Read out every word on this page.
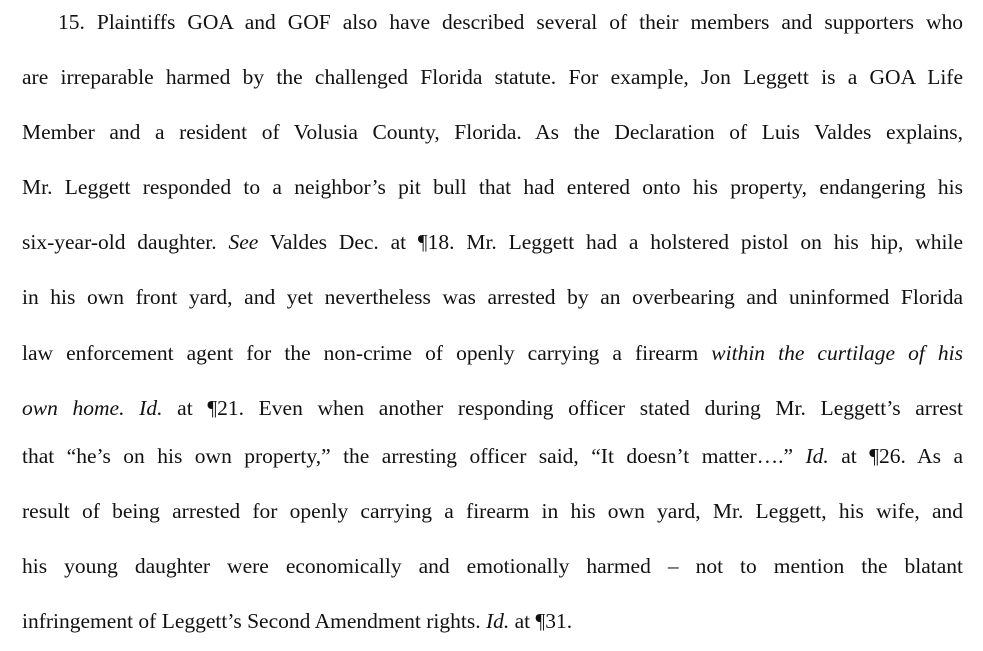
15. Plaintiffs GOA and GOF also have described several of their members and supporters who
are irreparable harmed by the challenged Florida statute. For example, Jon Leggett is a GOA Life
Member and a resident of Volusia County, Florida. As the Declaration of Luis Valdes explains,
Mr. Leggett responded to a neighbor’s pit bull that had entered onto his property, endangering his
six-year-old daughter. See Valdes Dec. at ¶18. Mr. Leggett had a holstered pistol on his hip, while
in his own front yard, and yet nevertheless was arrested by an overbearing and uninformed Florida
law enforcement agent for the non-crime of openly carrying a firearm within the curtilage of his
own home. Id. at ¶21. Even when another responding officer stated during Mr. Leggett’s arrest
that “he’s on his own property,” the arresting officer said, “It doesn’t matter….” Id. at ¶26. As a
result of being arrested for openly carrying a firearm in his own yard, Mr. Leggett, his wife, and
his young daughter were economically and emotionally harmed – not to mention the blatant
infringement of Leggett’s Second Amendment rights. Id. at ¶31.
